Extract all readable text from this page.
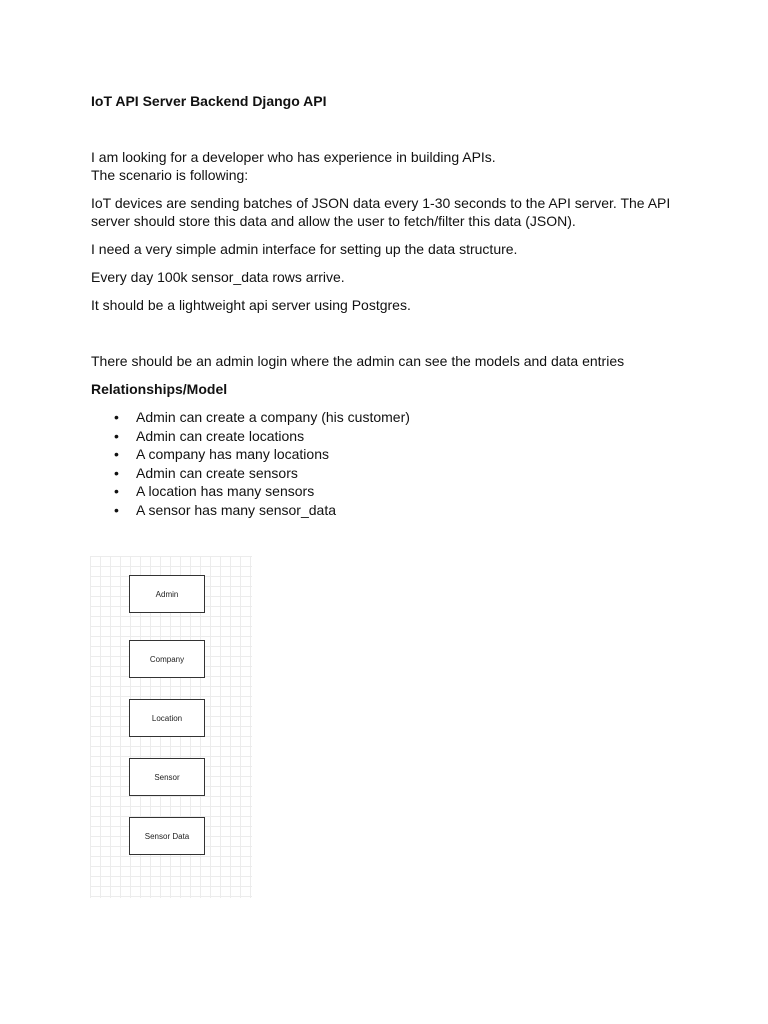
IoT API Server Backend Django API

I am looking for a developer who has experience in building APIs.

The scenario is following:

IoT devices are sending batches of JSON data every 1-30 seconds to the API server. The API

server should store this data and allow the user to fetch/filter this data (JSON).

I need a very simple admin interface for setting up the data structure.

Every day 100k sensor_data rows arrive.

It should be a lightweight api server using Postgres.

There should be an admin login where the admin can see the models and data entries

Relationships/Model

• Admin can create a company (his customer)
• Admin can create locations
• A company has many locations
• Admin can create sensors
• A location has many sensors
• A sensor has many sensor_data
Admin
Company
Location
Sensor
Sensor Data
